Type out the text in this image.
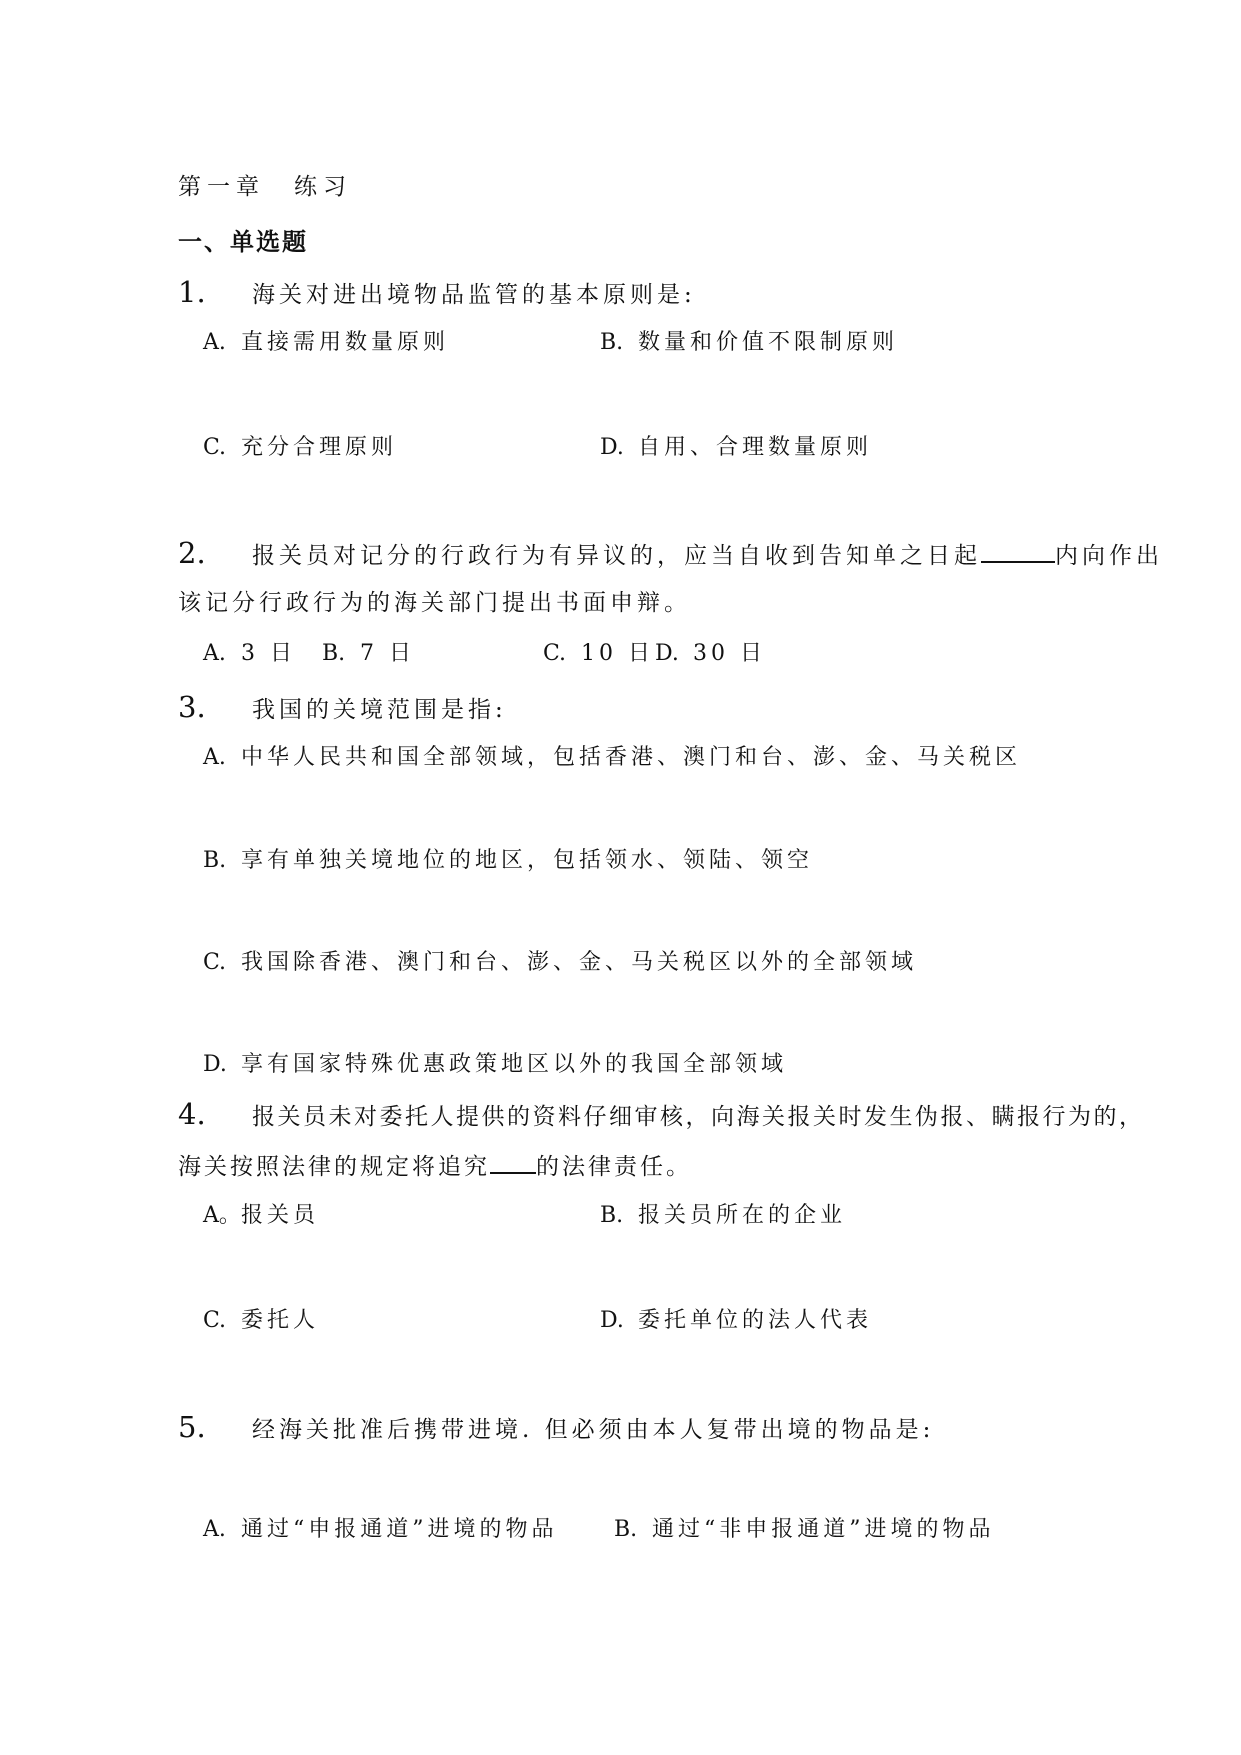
第一章　练习
一、单选题
1. 海关对进出境物品监管的基本原则是:
A. 直接需用数量原则	B. 数量和价值不限制原则
C. 充分合理原则	D. 自用、合理数量原则
2. 报关员对记分的行政行为有异议的，应当自收到告知单之日起	内向作出
该记分行政行为的海关部门提出书面申辩。
A. 3 日 B. 7 日	C. 10 日 D. 30 日
3. 我国的关境范围是指:
A. 中华人民共和国全部领域，包括香港、澳门和台、澎、金、马关税区
B. 享有单独关境地位的地区，包括领水、领陆、领空
C. 我国除香港、澳门和台、澎、金、马关税区以外的全部领域
D. 享有国家特殊优惠政策地区以外的我国全部领域
4. 报关员未对委托人提供的资料仔细审核，向海关报关时发生伪报、瞒报行为的，
海关按照法律的规定将追究 的法律责任。
A。报关员	B. 报关员所在的企业
C. 委托人	D. 委托单位的法人代表
5. 经海关批准后携带进境. 但必须由本人复带出境的物品是:
A. 通过“申报通道”进境的物品	B. 通过“非申报通道”进境的物品
